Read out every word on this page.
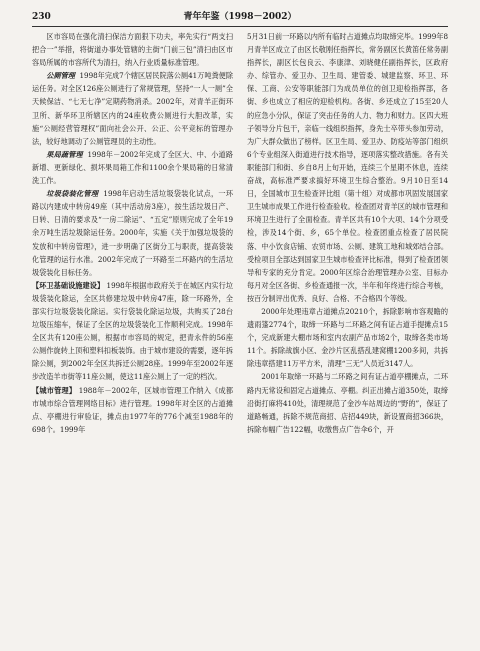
230	青年年鉴（1998－2002）

区市容局在强化清扫保洁方面狠下功夫，率先实行“两支扫把合一”举措，将街道办事处管辖的主街“门前三包”清扫由区市容局所属的市容所代为清扫，纳入行业质量标准管理。

公厕管理 1998年完成7个辖区居民院落公厕41万吨粪便除运任务。对全区126座公厕进行了常规管理，坚持“一人一厕”全天候保洁、“七无七净”定期药物消杀。2002年，对青羊正街环卫所、新华环卫所辖区内的24座收费公厕进行大胆改革，实施“公厕经营管理权”面向社会公开、公正、公平竞标的管理办法，较好地调动了公厕管理员的主动性。

果局蔬管理 1998年－2002年完成了全区大、中、小道路新增、更新绿化、损坏果局箱工作和1100余个果局箱的日常清洗工作。

垃圾袋装化管理 1998年启动生活垃圾袋装化试点，一环路以内建成中转房49座（其中活动房3座），按生活垃圾日产、日转、日清的要求及“一房二除运”、“五定”原则完成了全年19余万吨生活垃圾除运任务。2000年，实施《关于加强垃圾袋的发放和中转房管理》，进一步明确了区街分工与职责，提高袋装化管理的运行水准。2002年完成了一环路至二环路内的生活垃圾袋装化目标任务。

【环卫基础设施建设】 1998年根据市政府关于在城区内实行垃圾袋装化除运，全区共修建垃圾中转房47座，除一环路外，全部实行垃圾袋装化除运。实行袋装化除运垃圾，共购买了28台垃圾压缩车，保证了全区的垃圾袋装化工作顺利完成。1998年全区共有120座公厕，根据市市容局的规定，把青永件的56座公厕作旋转上顶和塑料扣板装饰。由于城市建设的需要，逐年拆除公厕，到2002年全区共拆迁公厕28座。1999年至2002年逐步改造羊市街等11座公厕，使这11座公厕上了一定的档次。

【城市管理】 1988年－2002年，区城市管理工作纳入《成都市城市综合管理网络目标》进行管理。1998年对全区的占道摊点、亭棚进行审验证，摊点由1977年的776个减至1988年的698个。1999年

5月31日前一环路以内所有临时占道摊点均取缔完毕。1999年8月青羊区成立了由区长敬刚任指挥长，常务副区长黄笛任常务副指挥长，副区长包良云、李康津、刘晓健任副指挥长，区政府办、综管办、爱卫办、卫生局、建管委、城建监察、环卫、环保、工商、公安等职能部门为成员单位的创卫迎检指挥部，各街、乡也成立了相应的迎检机构。各街、乡还成立了15至20人的应急小分队，保证了突击任务的人力、物力和财力。区四大班子领导分片包干，亲临一线组织指挥，身先士卒带头参加劳动，为广大群众做出了榜样。区卫生局、爱卫办、防疫站等部门组织6个专业组深入街道进行技术指导，逐项落实整改措施。各有关职能部门和街、乡自8月上旬开始，连续三个星期不休息，连续奋战，高标准严要求搞好环境卫生综合整治。9月10日至14日，全国城市卫生检查评比组（第十组）对成都市巩固发展国家卫生城市成果工作进行检查验收。检查团对青羊区的城市管理和环境卫生进行了全面检查。青羊区共有10个大项、14个分项受检，涉及14个街、乡，65个单位。检查团重点检查了居民院落、中小饮食店铺、农贸市场、公厕、建筑工地和城郊结合部。受检项目全部达到国家卫生城市检查评比标准，得到了检查团领导和专家的充分肯定。2000年区综合治理管理办公室、目标办每月对全区各街、乡检查通报一次，半年和年终进行综合考核，按百分制评出优秀、良好、合格、不合格四个等级。

2000年处理违章占道摊点20210个，拆除影响市容观瞻的遗雨篷2774个，取缔一环路与二环路之间有证占道手提摊点15个，完成新建大棚市场和室内农副产品市场2个，取缔各类市场11个。拆除战旗小区、金沙片区乱搭乱建窝棚1200多间，共拆除违章搭建11万平方米，清理“三无”人员近3147人。

2001年取缔一环路与二环路之间有证占道亭棚摊点，二环路内无常设和固定占道摊点、亭棚。纠正出摊占道350处，取缔沿街打麻将410处，清理规范了金沙车站周边的“野的”，保证了道路畅通，拆除不规范商招、店招449块，新设置商招366块，拆除布幅广告122幅，收缴售点广告伞6个，开
